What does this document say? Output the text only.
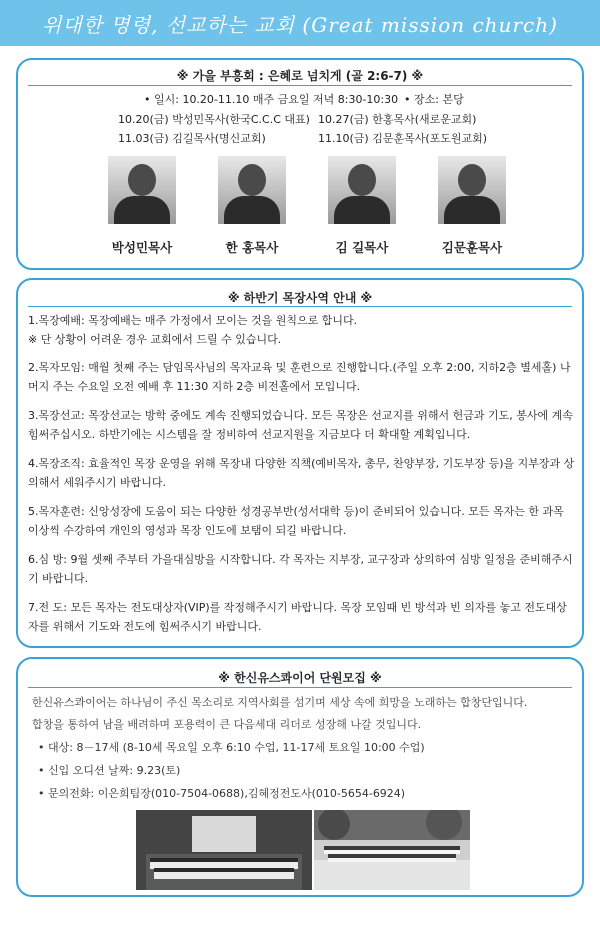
위대한 명령, 선교하는 교회 (Great mission church)
※ 가을 부흥회 : 은혜로 넘치게 (골 2:6-7) ※
• 일시: 10.20-11.10 매주 금요일 저녁 8:30-10:30 • 장소: 본당
10.20(금) 박성민목사(한국C.C.C 대표) 10.27(금) 한홍목사(새로운교회)
11.03(금) 김길목사(명신교회)	11.10(금) 김문훈목사(포도원교회)
박성민목사	한 홍목사	김 길목사	김문훈목사
※ 하반기 목장사역 안내 ※
1.목장예배: 목장예배는 매주 가정에서 모이는 것을 원칙으로 합니다.
※ 단 상황이 어려운 경우 교회에서 드릴 수 있습니다.
2.목자모임: 매월 첫째 주는 담임목사님의 목자교육 및 훈련으로 진행합니다.(주일 오후 2:00, 지하2층 별세홀) 나머지 주는 수요일 오전 예배 후 11:30 지하 2층 비전홀에서 모입니다.
3.목장선교: 목장선교는 방학 중에도 계속 진행되었습니다. 모든 목장은 선교지를 위해서 헌금과 기도, 봉사에 계속 힘써주십시오. 하반기에는 시스템을 잘 정비하여 선교지원을 지금보다 더 확대할 계획입니다.
4.목장조직: 효율적인 목장 운영을 위해 목장내 다양한 직책(예비목자, 총무, 찬양부장, 기도부장 등)을 지부장과 상의해서 세워주시기 바랍니다.
5.목자훈련: 신앙성장에 도움이 되는 다양한 성경공부반(성서대학 등)이 준비되어 있습니다. 모든 목자는 한 과목 이상씩 수강하여 개인의 영성과 목장 인도에 보탬이 되길 바랍니다.
6.심 방: 9월 셋째 주부터 가을대심방을 시작합니다. 각 목자는 지부장, 교구장과 상의하여 심방 일정을 준비해주시기 바랍니다.
7.전 도: 모든 목자는 전도대상자(VIP)를 작정해주시기 바랍니다. 목장 모임때 빈 방석과 빈 의자를 놓고 전도대상자를 위해서 기도와 전도에 힘써주시기 바랍니다.
※ 한신유스콰이어 단원모집 ※
한신유스콰이어는 하나님이 주신 목소리로 지역사회를 섬기며 세상 속에 희망을 노래하는 합창단입니다.
합창을 통하여 남을 배려하며 포용력이 큰 다음세대 리더로 성장해 나갈 것입니다.
• 대상: 8－17세 (8-10세 목요일 오후 6:10 수업, 11-17세 토요일 10:00 수업)
• 신입 오디션 날짜: 9.23(토)
• 문의전화: 이은희팀장(010-7504-0688),김혜정전도사(010-5654-6924)
